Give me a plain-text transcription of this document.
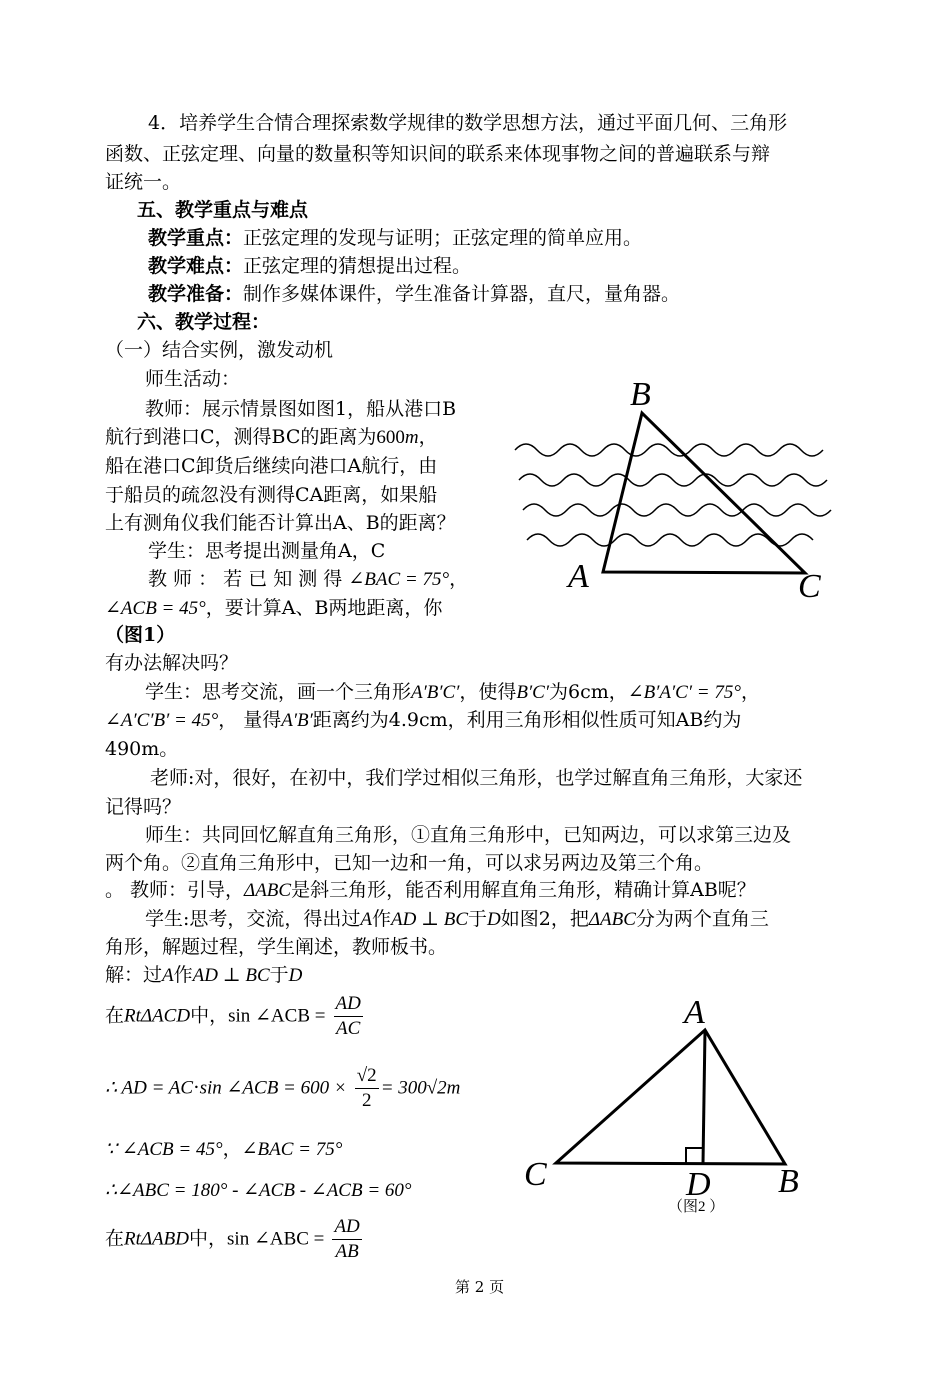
4．培养学生合情合理探索数学规律的数学思想方法，通过平面几何、三角形
函数、正弦定理、向量的数量积等知识间的联系来体现事物之间的普遍联系与辩
证统一。
五、教学重点与难点
教学重点：正弦定理的发现与证明；正弦定理的简单应用。
教学难点：正弦定理的猜想提出过程。
教学准备：制作多媒体课件，学生准备计算器，直尺，量角器。
六、教学过程：
（一）结合实例，激发动机
师生活动：
教师：展示情景图如图1，船从港口B
航行到港口C，测得BC的距离为600m，
船在港口C卸货后继续向港口A航行，由
于船员的疏忽没有测得CA距离，如果船
上有测角仪我们能否计算出A、B的距离？
学生：思考提出测量角A，C
教 师 ： 若 已 知 测 得 ∠BAC = 75°，
∠ACB = 45°，要计算A、B两地距离，你
（图1）
有办法解决吗？
学生：思考交流，画一个三角形A′B′C′，使得B′C′为6cm，∠B′A′C′ = 75°，
∠A′C′B′ = 45°， 量得A′B′距离约为4.9cm，利用三角形相似性质可知AB约为
490m。
老师:对，很好，在初中，我们学过相似三角形，也学过解直角三角形，大家还
记得吗？
师生：共同回忆解直角三角形，①直角三角形中，已知两边，可以求第三边及
两个角。②直角三角形中，已知一边和一角，可以求另两边及第三个角。
。 教师：引导，ΔABC是斜三角形，能否利用解直角三角形，精确计算AB呢？
学生:思考，交流，得出过A作AD ⊥ BC于D如图2，把ΔABC分为两个直角三
角形，解题过程，学生阐述，教师板书。
解：过A作AD ⊥ BC于D
在RtΔACD中，sin ∠ACB = $\frac{AD}{AC}$
∴ AD = AC⋅sin ∠ACB = $600 \times \frac{√2}{2} = 300√2m$
∵ ∠ACB = 45°，∠BAC = 75°
∴∠ABC = 180° - ∠ACB - ∠ACB = 60°
在RtΔABD中，sin ∠ABC = $\frac{AD}{AB}$
B
A	C
A
C	D B
（图2 ）
第 2 页
